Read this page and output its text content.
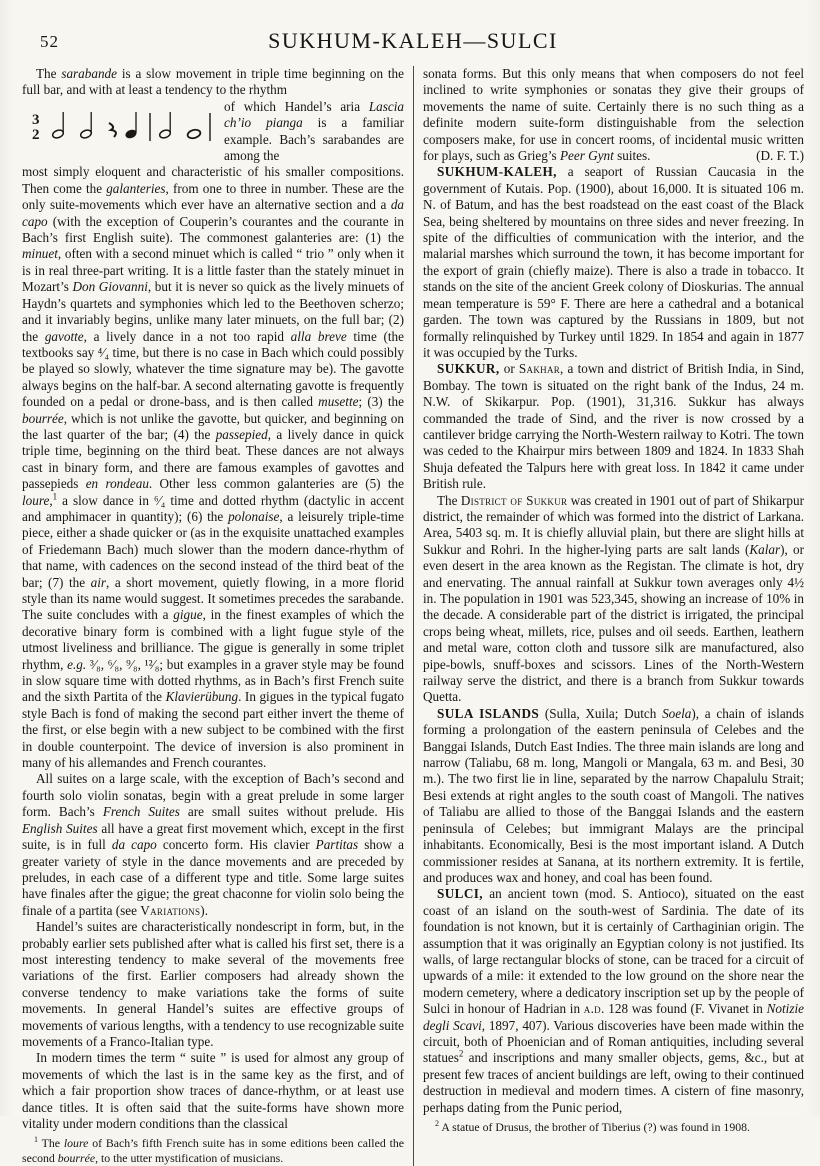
52	SUKHUM-KALEH—SULCI

The sarabande is a slow movement in triple time beginning on the full bar, and with at least a tendency to the rhythm

3
2

of which Handel’s aria Lascia ch’io pianga is a familiar example. Bach’s sarabandes are among the

most simply eloquent and characteristic of his smaller compositions. Then come the galanteries, from one to three in number. These are the only suite-movements which ever have an alternative section and a da capo (with the exception of Couperin’s courantes and the courante in Bach’s first English suite). The commonest galanteries are: (1) the minuet, often with a second minuet which is called “ trio ” only when it is in real three-part writing. It is a little faster than the stately minuet in Mozart’s Don Giovanni, but it is never so quick as the lively minuets of Haydn’s quartets and symphonies which led to the Beethoven scherzo; and it invariably begins, unlike many later minuets, on the full bar; (2) the gavotte, a lively dance in a not too rapid alla breve time (the textbooks say ⁴⁄₄ time, but there is no case in Bach which could possibly be played so slowly, whatever the time signature may be). The gavotte always begins on the half-bar. A second alternating gavotte is frequently founded on a pedal or drone-bass, and is then called musette; (3) the bourrée, which is not unlike the gavotte, but quicker, and beginning on the last quarter of the bar; (4) the passepied, a lively dance in quick triple time, beginning on the third beat. These dances are not always cast in binary form, and there are famous examples of gavottes and passepieds en rondeau. Other less common galanteries are (5) the loure,$^1$ a slow dance in ⁶⁄₄ time and dotted rhythm (dactylic in accent and amphimacer in quantity); (6) the polonaise, a leisurely triple-time piece, either a shade quicker or (as in the exquisite unattached examples of Friedemann Bach) much slower than the modern dance-rhythm of that name, with cadences on the second instead of the third beat of the bar; (7) the air, a short movement, quietly flowing, in a more florid style than its name would suggest. It sometimes precedes the sarabande. The suite concludes with a gigue, in the finest examples of which the decorative binary form is combined with a light fugue style of the utmost liveliness and brilliance. The gigue is generally in some triplet rhythm, e.g. ³⁄₈, ⁶⁄₈, ⁹⁄₈, ¹²⁄₈; but examples in a graver style may be found in slow square time with dotted rhythms, as in Bach’s first French suite and the sixth Partita of the Klavierübung. In gigues in the typical fugato style Bach is fond of making the second part either invert the theme of the first, or else begin with a new subject to be combined with the first in double counterpoint. The device of inversion is also prominent in many of his allemandes and French courantes.

All suites on a large scale, with the exception of Bach’s second and fourth solo violin sonatas, begin with a great prelude in some larger form. Bach’s French Suites are small suites without prelude. His English Suites all have a great first movement which, except in the first suite, is in full da capo concerto form. His clavier Partitas show a greater variety of style in the dance movements and are preceded by preludes, in each case of a different type and title. Some large suites have finales after the gigue; the great chaconne for violin solo being the finale of a partita (see Variations).

Handel’s suites are characteristically nondescript in form, but, in the probably earlier sets published after what is called his first set, there is a most interesting tendency to make several of the movements free variations of the first. Earlier composers had already shown the converse tendency to make variations take the forms of suite movements. In general Handel’s suites are effective groups of movements of various lengths, with a tendency to use recognizable suite movements of a Franco-Italian type.

In modern times the term “ suite ” is used for almost any group of movements of which the last is in the same key as the first, and of which a fair proportion show traces of dance-rhythm, or at least use dance titles. It is often said that the suite-forms have shown more vitality under modern conditions than the classical

$^1$ The loure of Bach’s fifth French suite has in some editions been called the second bourrée, to the utter mystification of musicians.

sonata forms. But this only means that when composers do not feel inclined to write symphonies or sonatas they give their groups of movements the name of suite. Certainly there is no such thing as a definite modern suite-form distinguishable from the selection composers make, for use in concert rooms, of incidental music written for plays, such as Grieg’s Peer Gynt suites.	(D. F. T.)

SUKHUM-KALEH, a seaport of Russian Caucasia in the government of Kutais. Pop. (1900), about 16,000. It is situated 106 m. N. of Batum, and has the best roadstead on the east coast of the Black Sea, being sheltered by mountains on three sides and never freezing. In spite of the difficulties of communication with the interior, and the malarial marshes which surround the town, it has become important for the export of grain (chiefly maize). There is also a trade in tobacco. It stands on the site of the ancient Greek colony of Dioskurias. The annual mean temperature is 59° F. There are here a cathedral and a botanical garden. The town was captured by the Russians in 1809, but not formally relinquished by Turkey until 1829. In 1854 and again in 1877 it was occupied by the Turks.

SUKKUR, or Sakhar, a town and district of British India, in Sind, Bombay. The town is situated on the right bank of the Indus, 24 m. N.W. of Skikarpur. Pop. (1901), 31,316. Sukkur has always commanded the trade of Sind, and the river is now crossed by a cantilever bridge carrying the North-Western railway to Kotri. The town was ceded to the Khairpur mirs between 1809 and 1824. In 1833 Shah Shuja defeated the Talpurs here with great loss. In 1842 it came under British rule.

The District of Sukkur was created in 1901 out of part of Shikarpur district, the remainder of which was formed into the district of Larkana. Area, 5403 sq. m. It is chiefly alluvial plain, but there are slight hills at Sukkur and Rohri. In the higher-lying parts are salt lands (Kalar), or even desert in the area known as the Registan. The climate is hot, dry and enervating. The annual rainfall at Sukkur town averages only 4½ in. The population in 1901 was 523,345, showing an increase of 10% in the decade. A considerable part of the district is irrigated, the principal crops being wheat, millets, rice, pulses and oil seeds. Earthen, leathern and metal ware, cotton cloth and tussore silk are manufactured, also pipe-bowls, snuff-boxes and scissors. Lines of the North-Western railway serve the district, and there is a branch from Sukkur towards Quetta.

SULA ISLANDS (Sulla, Xuila; Dutch Soela), a chain of islands forming a prolongation of the eastern peninsula of Celebes and the Banggai Islands, Dutch East Indies. The three main islands are long and narrow (Taliabu, 68 m. long, Mangoli or Mangala, 63 m. and Besi, 30 m.). The two first lie in line, separated by the narrow Chapalulu Strait; Besi extends at right angles to the south coast of Mangoli. The natives of Taliabu are allied to those of the Banggai Islands and the eastern peninsula of Celebes; but immigrant Malays are the principal inhabitants. Economically, Besi is the most important island. A Dutch commissioner resides at Sanana, at its northern extremity. It is fertile, and produces wax and honey, and coal has been found.

SULCI, an ancient town (mod. S. Antioco), situated on the east coast of an island on the south-west of Sardinia. The date of its foundation is not known, but it is certainly of Carthaginian origin. The assumption that it was originally an Egyptian colony is not justified. Its walls, of large rectangular blocks of stone, can be traced for a circuit of upwards of a mile: it extended to the low ground on the shore near the modern cemetery, where a dedicatory inscription set up by the people of Sulci in honour of Hadrian in a.d. 128 was found (F. Vivanet in Notizie degli Scavi, 1897, 407). Various discoveries have been made within the circuit, both of Phoenician and of Roman antiquities, including several statues$^2$ and inscriptions and many smaller objects, gems, &c., but at present few traces of ancient buildings are left, owing to their continued destruction in medieval and modern times. A cistern of fine masonry, perhaps dating from the Punic period,

$^2$ A statue of Drusus, the brother of Tiberius (?) was found in 1908.
